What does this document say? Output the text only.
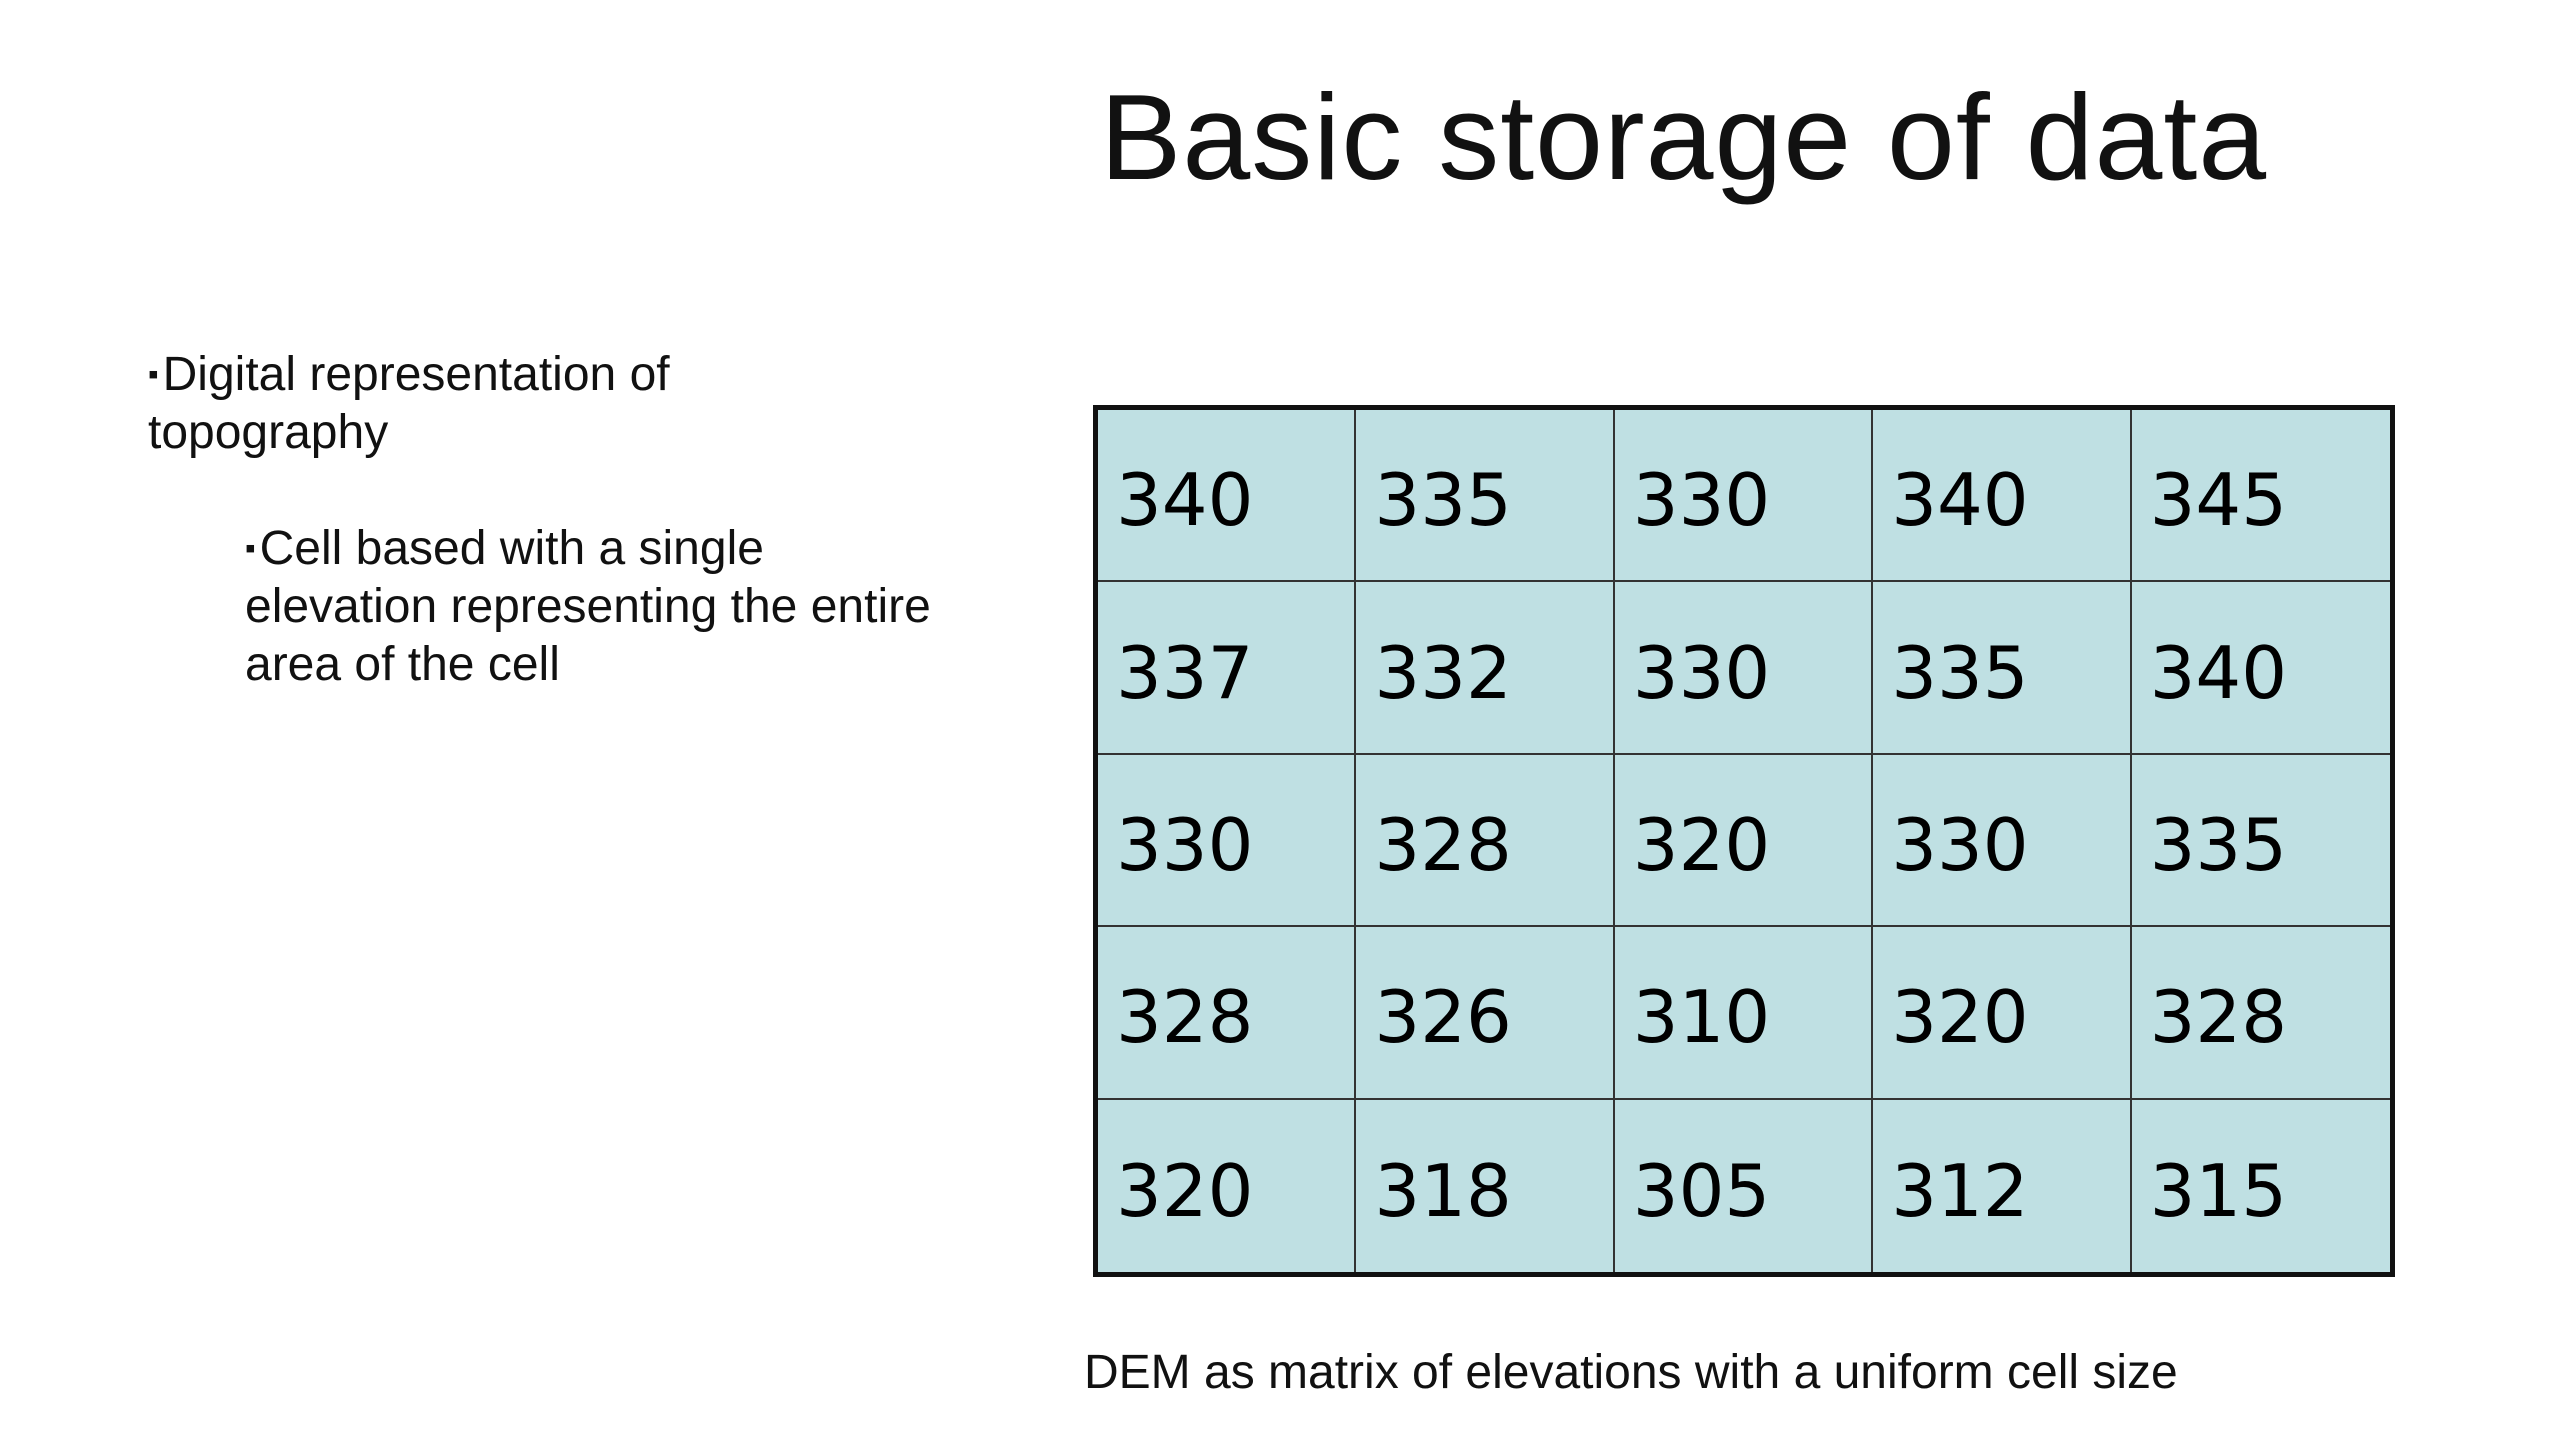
Basic storage of data
▪Digital representation of topography
▪Cell based with a single elevation representing the entire area of the cell
340	335	330	340	345
337	332	330	335	340
330	328	320	330	335
328	326	310	320	328
320	318	305	312	315
DEM as matrix of elevations with a uniform cell size
